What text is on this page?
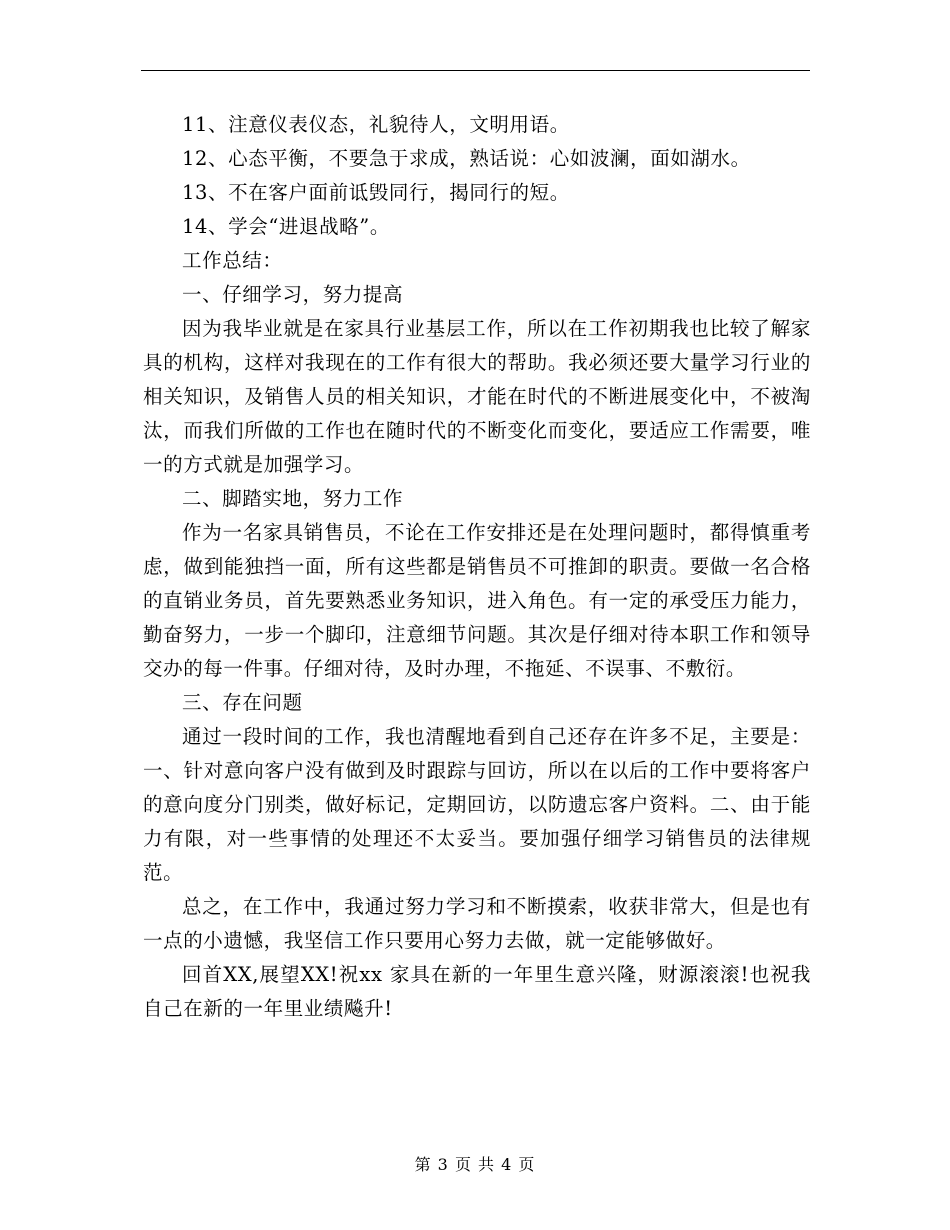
11、注意仪表仪态，礼貌待人，文明用语。

12、心态平衡，不要急于求成，熟话说：心如波澜，面如湖水。

13、不在客户面前诋毁同行，揭同行的短。

14、学会“进退战略”。

工作总结：

一、仔细学习，努力提高

因为我毕业就是在家具行业基层工作，所以在工作初期我也比较了解家具的机构，这样对我现在的工作有很大的帮助。我必须还要大量学习行业的相关知识，及销售人员的相关知识，才能在时代的不断进展变化中，不被淘汰，而我们所做的工作也在随时代的不断变化而变化，要适应工作需要，唯一的方式就是加强学习。

二、脚踏实地，努力工作

作为一名家具销售员，不论在工作安排还是在处理问题时，都得慎重考虑，做到能独挡一面，所有这些都是销售员不可推卸的职责。要做一名合格的直销业务员，首先要熟悉业务知识，进入角色。有一定的承受压力能力，勤奋努力，一步一个脚印，注意细节问题。其次是仔细对待本职工作和领导交办的每一件事。仔细对待，及时办理，不拖延、不误事、不敷衍。

三、存在问题

通过一段时间的工作，我也清醒地看到自己还存在许多不足，主要是：一、针对意向客户没有做到及时跟踪与回访，所以在以后的工作中要将客户的意向度分门别类，做好标记，定期回访，以防遗忘客户资料。二、由于能力有限，对一些事情的处理还不太妥当。要加强仔细学习销售员的法律规范。

总之，在工作中，我通过努力学习和不断摸索，收获非常大，但是也有一点的小遗憾，我坚信工作只要用心努力去做，就一定能够做好。

回首XX,展望XX!祝xx 家具在新的一年里生意兴隆，财源滚滚!也祝我自己在新的一年里业绩飚升!

第 3 页 共 4 页
